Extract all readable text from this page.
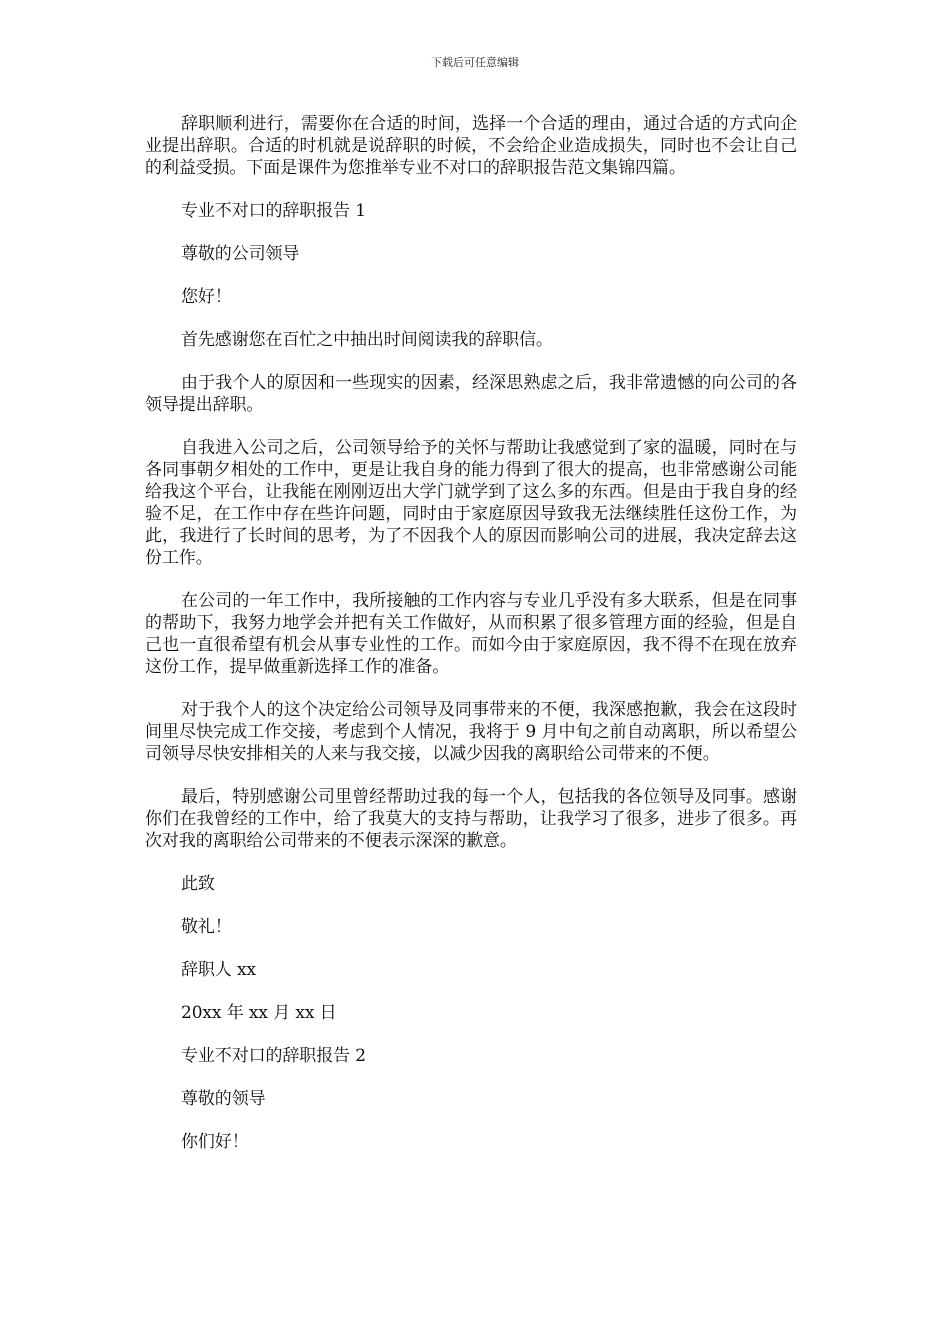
下载后可任意编辑

辞职顺利进行，需要你在合适的时间，选择一个合适的理由，通过合适的方式向企业提出辞职。合适的时机就是说辞职的时候，不会给企业造成损失，同时也不会让自己的利益受损。下面是课件为您推举专业不对口的辞职报告范文集锦四篇。

专业不对口的辞职报告 1

尊敬的公司领导

您好！

首先感谢您在百忙之中抽出时间阅读我的辞职信。

由于我个人的原因和一些现实的因素，经深思熟虑之后，我非常遗憾的向公司的各领导提出辞职。

自我进入公司之后，公司领导给予的关怀与帮助让我感觉到了家的温暖，同时在与各同事朝夕相处的工作中，更是让我自身的能力得到了很大的提高，也非常感谢公司能给我这个平台，让我能在刚刚迈出大学门就学到了这么多的东西。但是由于我自身的经验不足，在工作中存在些许问题，同时由于家庭原因导致我无法继续胜任这份工作，为此，我进行了长时间的思考，为了不因我个人的原因而影响公司的进展，我决定辞去这份工作。

在公司的一年工作中，我所接触的工作内容与专业几乎没有多大联系，但是在同事的帮助下，我努力地学会并把有关工作做好，从而积累了很多管理方面的经验，但是自己也一直很希望有机会从事专业性的工作。而如今由于家庭原因，我不得不在现在放弃这份工作，提早做重新选择工作的准备。

对于我个人的这个决定给公司领导及同事带来的不便，我深感抱歉，我会在这段时间里尽快完成工作交接，考虑到个人情况，我将于 9 月中旬之前自动离职，所以希望公司领导尽快安排相关的人来与我交接，以减少因我的离职给公司带来的不便。

最后，特别感谢公司里曾经帮助过我的每一个人，包括我的各位领导及同事。感谢你们在我曾经的工作中，给了我莫大的支持与帮助，让我学习了很多，进步了很多。再次对我的离职给公司带来的不便表示深深的歉意。

此致

敬礼！

辞职人 xx

20xx 年 xx 月 xx 日

专业不对口的辞职报告 2

尊敬的领导

你们好！
